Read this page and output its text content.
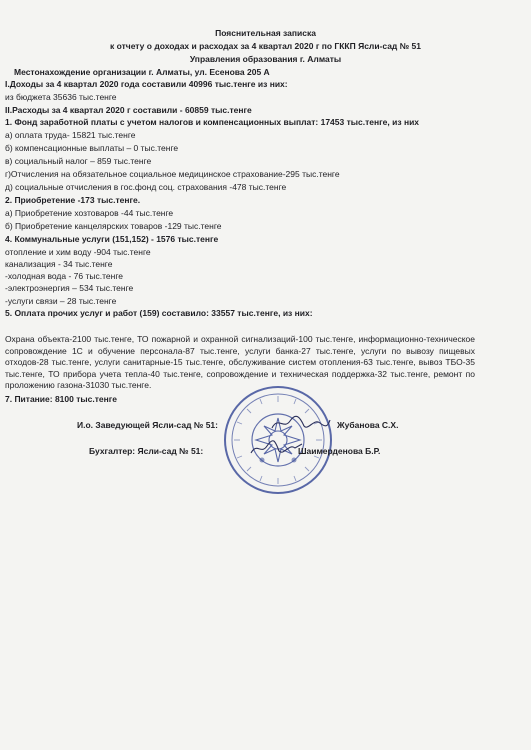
Пояснительная записка
к отчету о доходах и расходах за 4 квартал 2020 г по ГККП Ясли-сад № 51
Управления образования г. Алматы
Местонахождение организации г. Алматы, ул. Есенова 205 А
I.Доходы за 4 квартал 2020 года составили 40996 тыс.тенге из них:
из бюджета 35636 тыс.тенге
II.Расходы за 4 квартал 2020 г составили - 60859 тыс.тенге
1. Фонд заработной платы с учетом налогов и компенсационных выплат: 17453 тыс.тенге, из них
а) оплата труда- 15821 тыс.тенге
б) компенсационные выплаты – 0 тыс.тенге
в) социальный налог – 859 тыс.тенге
г)Отчисления на обязательное социальное медицинское страхование-295 тыс.тенге
д) социальные отчисления в гос.фонд соц. страхования -478 тыс.тенге
2. Приобретение -173 тыс.тенге.
а) Приобретение хозтоваров -44 тыс.тенге
б) Приобретение канцелярских товаров -129 тыс.тенге
4. Коммунальные услуги (151,152) - 1576 тыс.тенге
отопление и хим воду -904 тыс.тенге
канализация - 34 тыс.тенге
-холодная вода - 76 тыс.тенге
-электроэнергия – 534 тыс.тенге
-услуги связи – 28 тыс.тенге
5. Оплата прочих услуг и работ (159) составило: 33557 тыс.тенге, из них:
Охрана объекта-2100 тыс.тенге, ТО пожарной и охранной сигнализаций-100 тыс.тенге, информационно-техническое сопровождение 1С и обучение персонала-87 тыс.тенге, услуги банка-27 тыс.тенге, услуги по вывозу пищевых отходов-28 тыс.тенге, услуги санитарные-15 тыс.тенге, обслуживание систем отопления-63 тыс.тенге, вывоз ТБО-35 тыс.тенге, ТО прибора учета тепла-40 тыс.тенге, сопровождение и техническая поддержка-32 тыс.тенге, ремонт по проложению газона-31030 тыс.тенге.
7. Питание: 8100 тыс.тенге
И.о. Заведующей Ясли-сад № 51:	Жубанова С.Х.
Бухгалтер: Ясли-сад № 51:	Шаимерденова Б.Р.
